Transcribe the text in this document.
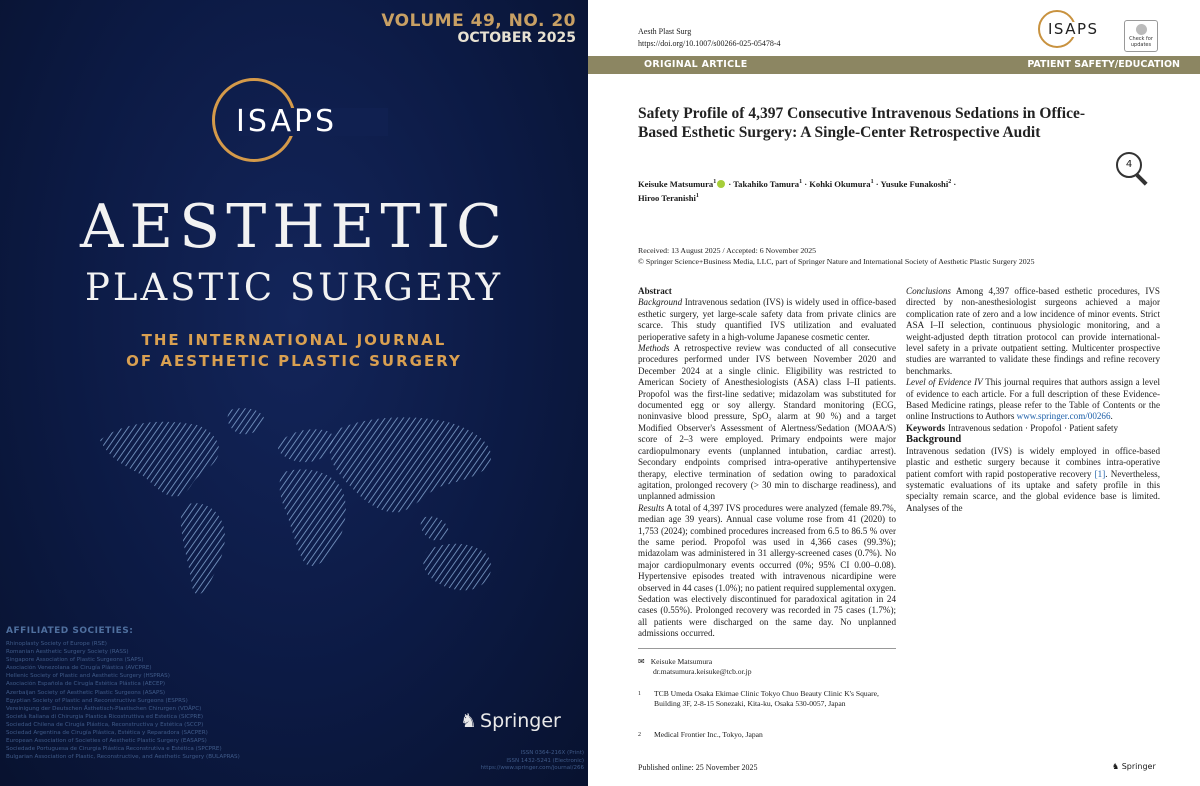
VOLUME 49, NO. 20
OCTOBER 2025
ISAPS
AESTHETIC
PLASTIC SURGERY
THE INTERNATIONAL JOURNAL
OF AESTHETIC PLASTIC SURGERY
AFFILIATED SOCIETIES:
Rhinoplasty Society of Europe (RSE)
Romanian Aesthetic Surgery Society (RASS)
Singapore Association of Plastic Surgeons (SAPS)
Asociación Venezolana de Cirugía Plástica (AVCPRE)
Hellenic Society of Plastic and Aesthetic Surgery (HSPRAS)
Asociación Española de Cirugía Estética Plástica (AECEP)
Azerbaijan Society of Aesthetic Plastic Surgeons (ASAPS)
Egyptian Society of Plastic and Reconstructive Surgeons (ESPRS)
Vereinigung der Deutschen Ästhetisch-Plastischen Chirurgen (VDÄPC)
Società Italiana di Chirurgia Plastica Ricostruttiva ed Estetica (SICPRE)
Sociedad Chilena de Cirugía Plástica, Reconstructiva y Estética (SCCP)
Sociedad Argentina de Cirugía Plástica, Estética y Reparadora (SACPER)
European Association of Societies of Aesthetic Plastic Surgery (EASAPS)
Sociedade Portuguesa de Cirurgia Plástica Reconstrutiva e Estética (SPCPRE)
Bulgarian Association of Plastic, Reconstructive, and Aesthetic Surgery (BULAPRAS)
♞ Springer
ISSN 0364-216X (Print)
ISSN 1432-5241 (Electronic)
https://www.springer.com/journal/266
Aesth Plast Surg
https://doi.org/10.1007/s00266-025-05478-4
ISAPS
Check for
updates
ORIGINAL ARTICLE	PATIENT SAFETY/EDUCATION
Safety Profile of 4,397 Consecutive Intravenous Sedations in Office-Based Esthetic Surgery: A Single-Center Retrospective Audit
4
Keisuke Matsumura$^1$ · Takahiko Tamura$^1$ · Kohki Okumura$^1$ · Yusuke Funakoshi$^2$ ·
Hiroo Teranishi$^1$
Received: 13 August 2025 / Accepted: 6 November 2025
© Springer Science+Business Media, LLC, part of Springer Nature and International Society of Aesthetic Plastic Surgery 2025

Abstract

Background Intravenous sedation (IVS) is widely used in office-based esthetic surgery, yet large-scale safety data from private clinics are scarce. This study quantified IVS utilization and evaluated perioperative safety in a high-volume Japanese cosmetic center.

Methods A retrospective review was conducted of all consecutive procedures performed under IVS between November 2020 and December 2024 at a single clinic. Eligibility was restricted to American Society of Anesthesiologists (ASA) class I–II patients. Propofol was the first-line sedative; midazolam was substituted for documented egg or soy allergy. Standard monitoring (ECG, noninvasive blood pressure, SpO₂ alarm at 90 %) and a target Modified Observer's Assessment of Alertness/Sedation (MOAA/S) score of 2–3 were employed. Primary endpoints were major cardiopulmonary events (unplanned intubation, cardiac arrest). Secondary endpoints comprised intra-operative antihypertensive therapy, elective termination of sedation owing to paradoxical agitation, prolonged recovery (> 30 min to discharge readiness), and unplanned admission

Results A total of 4,397 IVS procedures were analyzed (female 89.7%, median age 39 years). Annual case volume rose from 41 (2020) to 1,753 (2024); combined procedures increased from 6.5 to 86.5 % over the same period. Propofol was used in 4,366 cases (99.3%); midazolam was administered in 31 allergy-screened cases (0.7%). No major cardiopulmonary events occurred (0%; 95% CI 0.00–0.08). Hypertensive episodes treated with intravenous nicardipine were observed in 44 cases (1.0%); no patient required supplemental oxygen. Sedation was electively discontinued for paradoxical agitation in 24 cases (0.55%). Prolonged recovery was recorded in 75 cases (1.7%); all patients were discharged on the same day. No unplanned admissions occurred.

Conclusions Among 4,397 office-based esthetic procedures, IVS directed by non-anesthesiologist surgeons achieved a major complication rate of zero and a low incidence of minor events. Strict ASA I–II selection, continuous physiologic monitoring, and a weight-adjusted depth titration protocol can provide international-level safety in a private outpatient setting. Multicenter prospective studies are warranted to validate these findings and refine recovery benchmarks.

Level of Evidence IV This journal requires that authors assign a level of evidence to each article. For a full description of these Evidence-Based Medicine ratings, please refer to the Table of Contents or the online Instructions to Authors www.springer.com/00266.

Keywords Intravenous sedation · Propofol · Patient safety

Background

Intravenous sedation (IVS) is widely employed in office-based plastic and esthetic surgery because it combines intra-operative patient comfort with rapid postoperative recovery [1]. Nevertheless, systematic evaluations of its uptake and safety profile in this specialty remain scarce, and the global evidence base is limited. Analyses of the

✉ Keisuke Matsumura
dr.matsumura.keisuke@tcb.or.jp
1 TCB Umeda Osaka Ekimae Clinic Tokyo Chuo Beauty Clinic K's Square, Building 3F, 2-8-15 Sonezaki, Kita-ku, Osaka 530-0057, Japan
2 Medical Frontier Inc., Tokyo, Japan
Published online: 25 November 2025	♞ Springer
